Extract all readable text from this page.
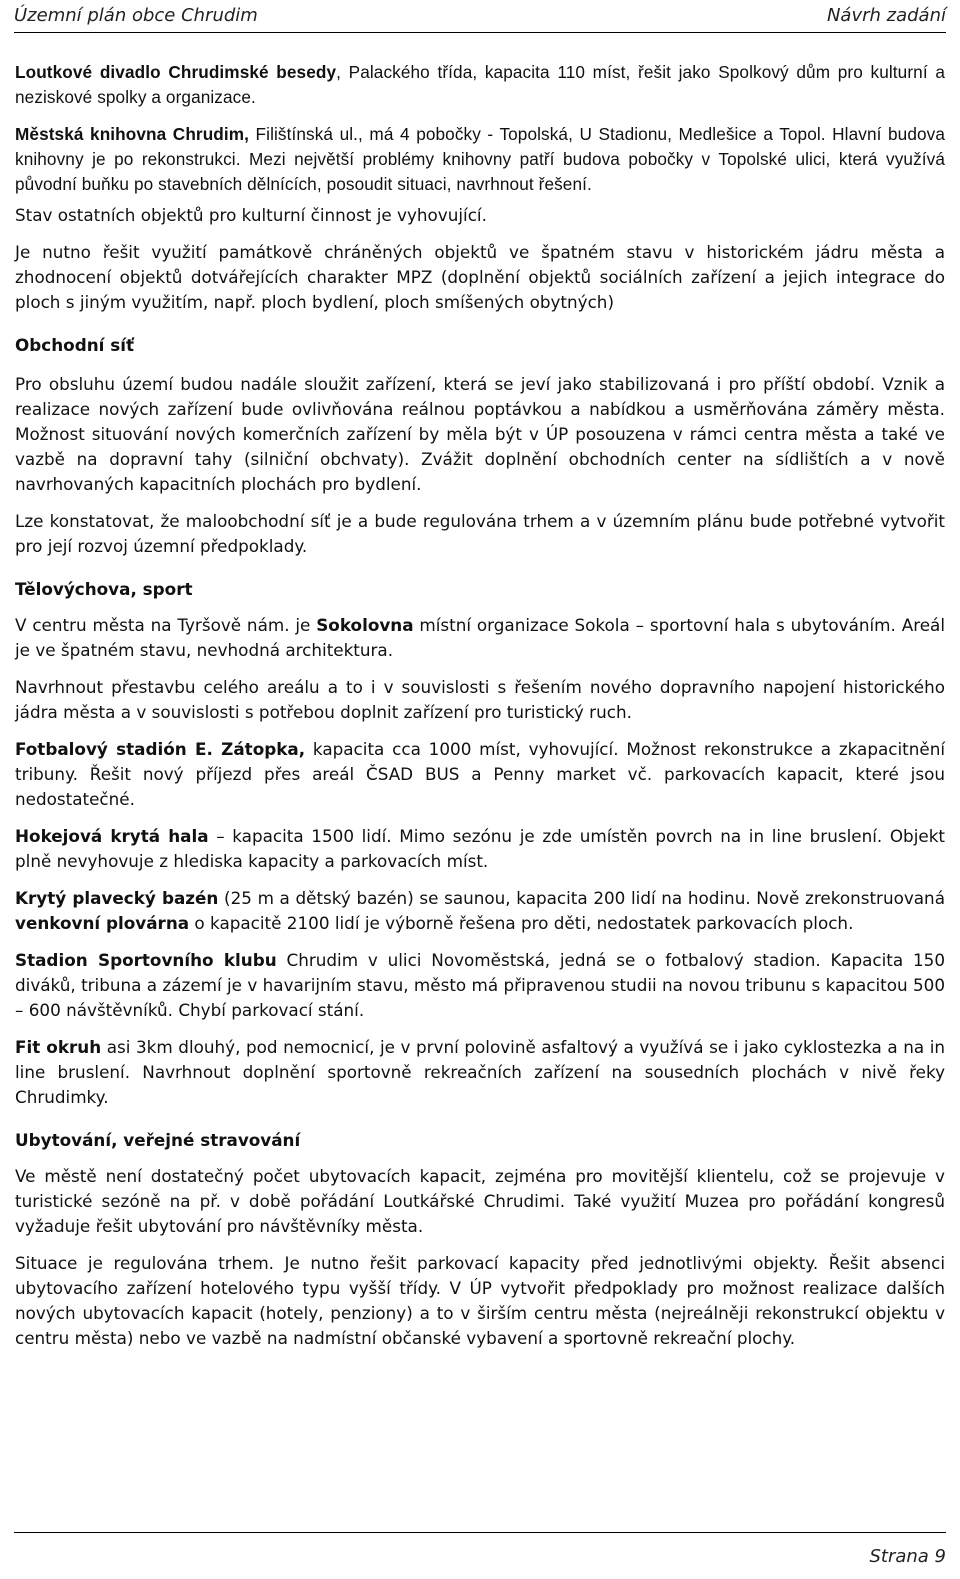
Územní plán obce Chrudim	Návrh zadání

Loutkové divadlo Chrudimské besedy, Palackého třída, kapacita 110 míst, řešit jako Spolkový dům pro kulturní a neziskové spolky a organizace.

Městská knihovna Chrudim, Filištínská ul., má 4 pobočky - Topolská, U Stadionu, Medlešice a Topol. Hlavní budova knihovny je po rekonstrukci. Mezi největší problémy knihovny patří budova pobočky v Topolské ulici, která využívá původní buňku po stavebních dělnících, posoudit situaci, navrhnout řešení.

Stav ostatních objektů pro kulturní činnost je vyhovující.

Je nutno řešit využití památkově chráněných objektů ve špatném stavu v historickém jádru města a zhodnocení objektů dotvářejících charakter MPZ (doplnění objektů sociálních zařízení a jejich integrace do ploch s jiným využitím, např. ploch bydlení, ploch smíšených obytných)

Obchodní síť

Pro obsluhu území budou nadále sloužit zařízení, která se jeví jako stabilizovaná i pro příští období. Vznik a realizace nových zařízení bude ovlivňována reálnou poptávkou a nabídkou a usměrňována záměry města. Možnost situování nových komerčních zařízení by měla být v ÚP posouzena v rámci centra města a také ve vazbě na dopravní tahy (silniční obchvaty). Zvážit doplnění obchodních center na sídlištích a v nově navrhovaných kapacitních plochách pro bydlení.

Lze konstatovat, že maloobchodní síť je a bude regulována trhem a v územním plánu bude potřebné vytvořit pro její rozvoj územní předpoklady.

Tělovýchova, sport

V centru města na Tyršově nám. je Sokolovna místní organizace Sokola – sportovní hala s ubytováním. Areál je ve špatném stavu, nevhodná architektura.

Navrhnout přestavbu celého areálu a to i v souvislosti s řešením nového dopravního napojení historického jádra města a v souvislosti s potřebou doplnit zařízení pro turistický ruch.

Fotbalový stadión E. Zátopka, kapacita cca 1000 míst, vyhovující. Možnost rekonstrukce a zkapacitnění tribuny. Řešit nový příjezd přes areál ČSAD BUS a Penny market vč. parkovacích kapacit, které jsou nedostatečné.

Hokejová krytá hala – kapacita 1500 lidí. Mimo sezónu je zde umístěn povrch na in line bruslení. Objekt plně nevyhovuje z hlediska kapacity a parkovacích míst.

Krytý plavecký bazén (25 m a dětský bazén) se saunou, kapacita 200 lidí na hodinu. Nově zrekonstruovaná venkovní plovárna o kapacitě 2100 lidí je výborně řešena pro děti, nedostatek parkovacích ploch.

Stadion Sportovního klubu Chrudim v ulici Novoměstská, jedná se o fotbalový stadion. Kapacita 150 diváků, tribuna a zázemí je v havarijním stavu, město má připravenou studii na novou tribunu s kapacitou 500 – 600 návštěvníků. Chybí parkovací stání.

Fit okruh asi 3km dlouhý, pod nemocnicí, je v první polovině asfaltový a využívá se i jako cyklostezka a na in line bruslení. Navrhnout doplnění sportovně rekreačních zařízení na sousedních plochách v nivě řeky Chrudimky.

Ubytování, veřejné stravování

Ve městě není dostatečný počet ubytovacích kapacit, zejména pro movitější klientelu, což se projevuje v turistické sezóně na př. v době pořádání Loutkářské Chrudimi. Také využití Muzea pro pořádání kongresů vyžaduje řešit ubytování pro návštěvníky města.

Situace je regulována trhem. Je nutno řešit parkovací kapacity před jednotlivými objekty. Řešit absenci ubytovacího zařízení hotelového typu vyšší třídy. V ÚP vytvořit předpoklady pro možnost realizace dalších nových ubytovacích kapacit (hotely, penziony) a to v širším centru města (nejreálněji rekonstrukcí objektu v centru města) nebo ve vazbě na nadmístní občanské vybavení a sportovně rekreační plochy.

Strana 9
